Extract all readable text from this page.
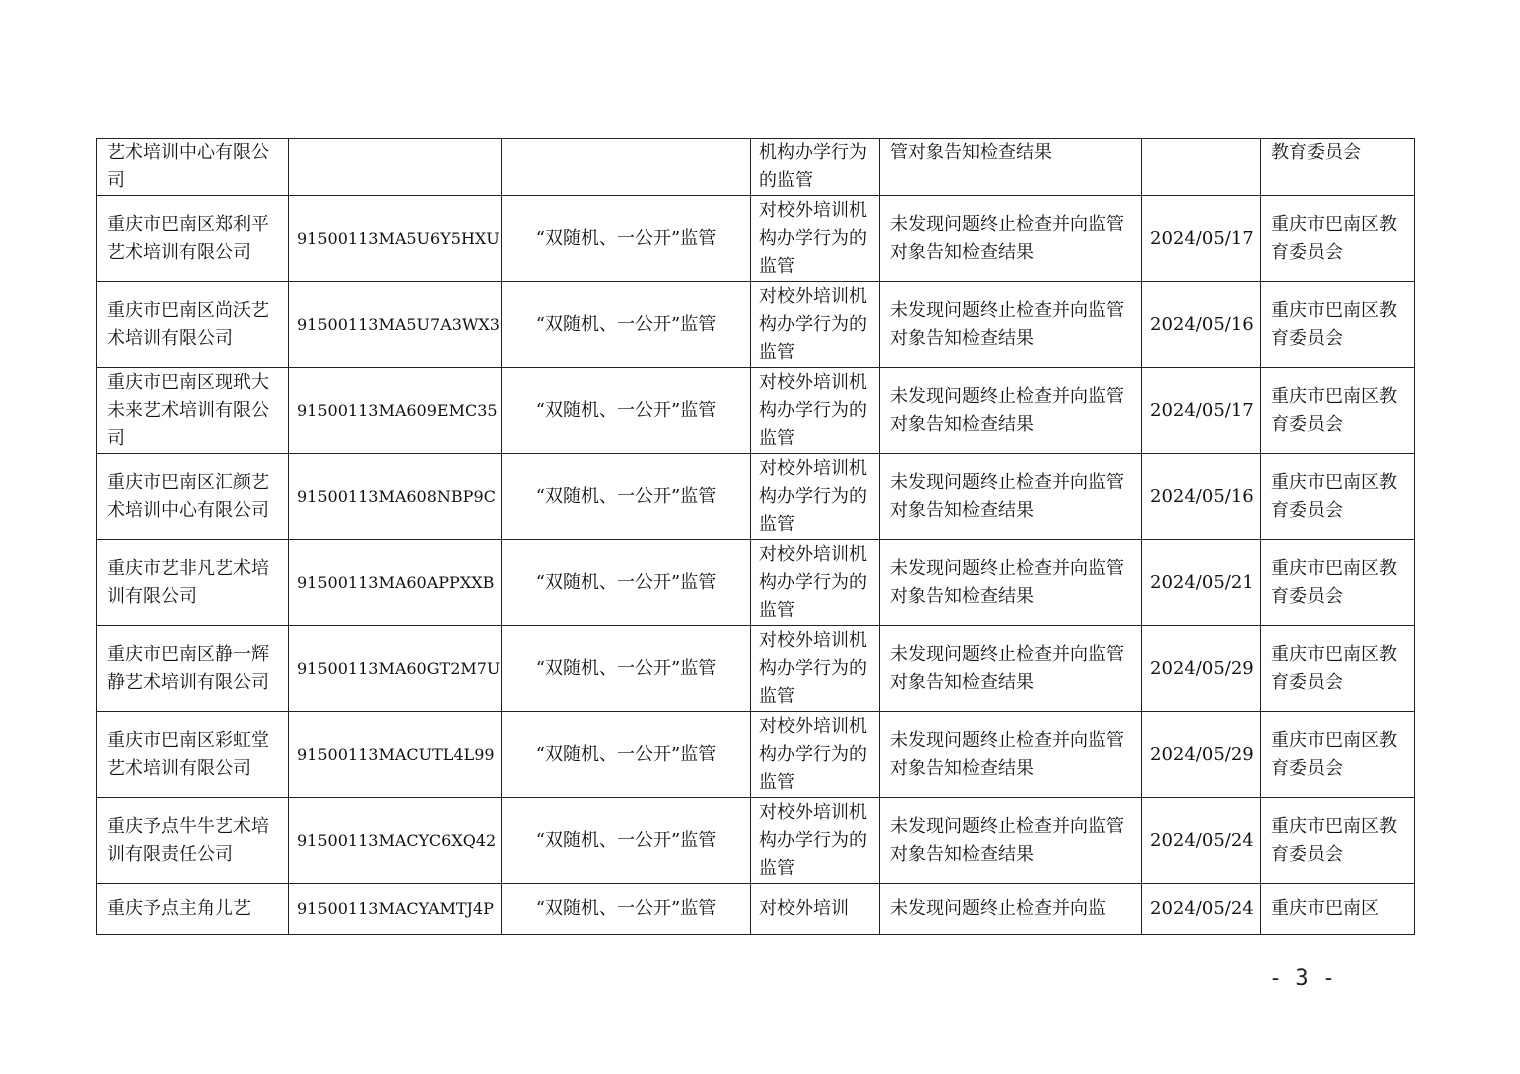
艺术培训中心有限公司			机构办学行为的监管	管对象告知检查结果		教育委员会
重庆市巴南区郑利平艺术培训有限公司	91500113MA5U6Y5HXU	“双随机、一公开”监管	对校外培训机构办学行为的监管	未发现问题终止检查并向监管对象告知检查结果	2024/05/17	重庆市巴南区教育委员会
重庆市巴南区尚沃艺术培训有限公司	91500113MA5U7A3WX3	“双随机、一公开”监管	对校外培训机构办学行为的监管	未发现问题终止检查并向监管对象告知检查结果	2024/05/16	重庆市巴南区教育委员会
重庆市巴南区现玳大未来艺术培训有限公司	91500113MA609EMC35	“双随机、一公开”监管	对校外培训机构办学行为的监管	未发现问题终止检查并向监管对象告知检查结果	2024/05/17	重庆市巴南区教育委员会
重庆市巴南区汇颜艺术培训中心有限公司	91500113MA608NBP9C	“双随机、一公开”监管	对校外培训机构办学行为的监管	未发现问题终止检查并向监管对象告知检查结果	2024/05/16	重庆市巴南区教育委员会
重庆市艺非凡艺术培训有限公司	91500113MA60APPXXB	“双随机、一公开”监管	对校外培训机构办学行为的监管	未发现问题终止检查并向监管对象告知检查结果	2024/05/21	重庆市巴南区教育委员会
重庆市巴南区静一辉静艺术培训有限公司	91500113MA60GT2M7U	“双随机、一公开”监管	对校外培训机构办学行为的监管	未发现问题终止检查并向监管对象告知检查结果	2024/05/29	重庆市巴南区教育委员会
重庆市巴南区彩虹堂艺术培训有限公司	91500113MACUTL4L99	“双随机、一公开”监管	对校外培训机构办学行为的监管	未发现问题终止检查并向监管对象告知检查结果	2024/05/29	重庆市巴南区教育委员会
重庆予点牛牛艺术培训有限责任公司	91500113MACYC6XQ42	“双随机、一公开”监管	对校外培训机构办学行为的监管	未发现问题终止检查并向监管对象告知检查结果	2024/05/24	重庆市巴南区教育委员会
重庆予点主角儿艺	91500113MACYAMTJ4P	“双随机、一公开”监管	对校外培训	未发现问题终止检查并向监	2024/05/24	重庆市巴南区
- 3 -
